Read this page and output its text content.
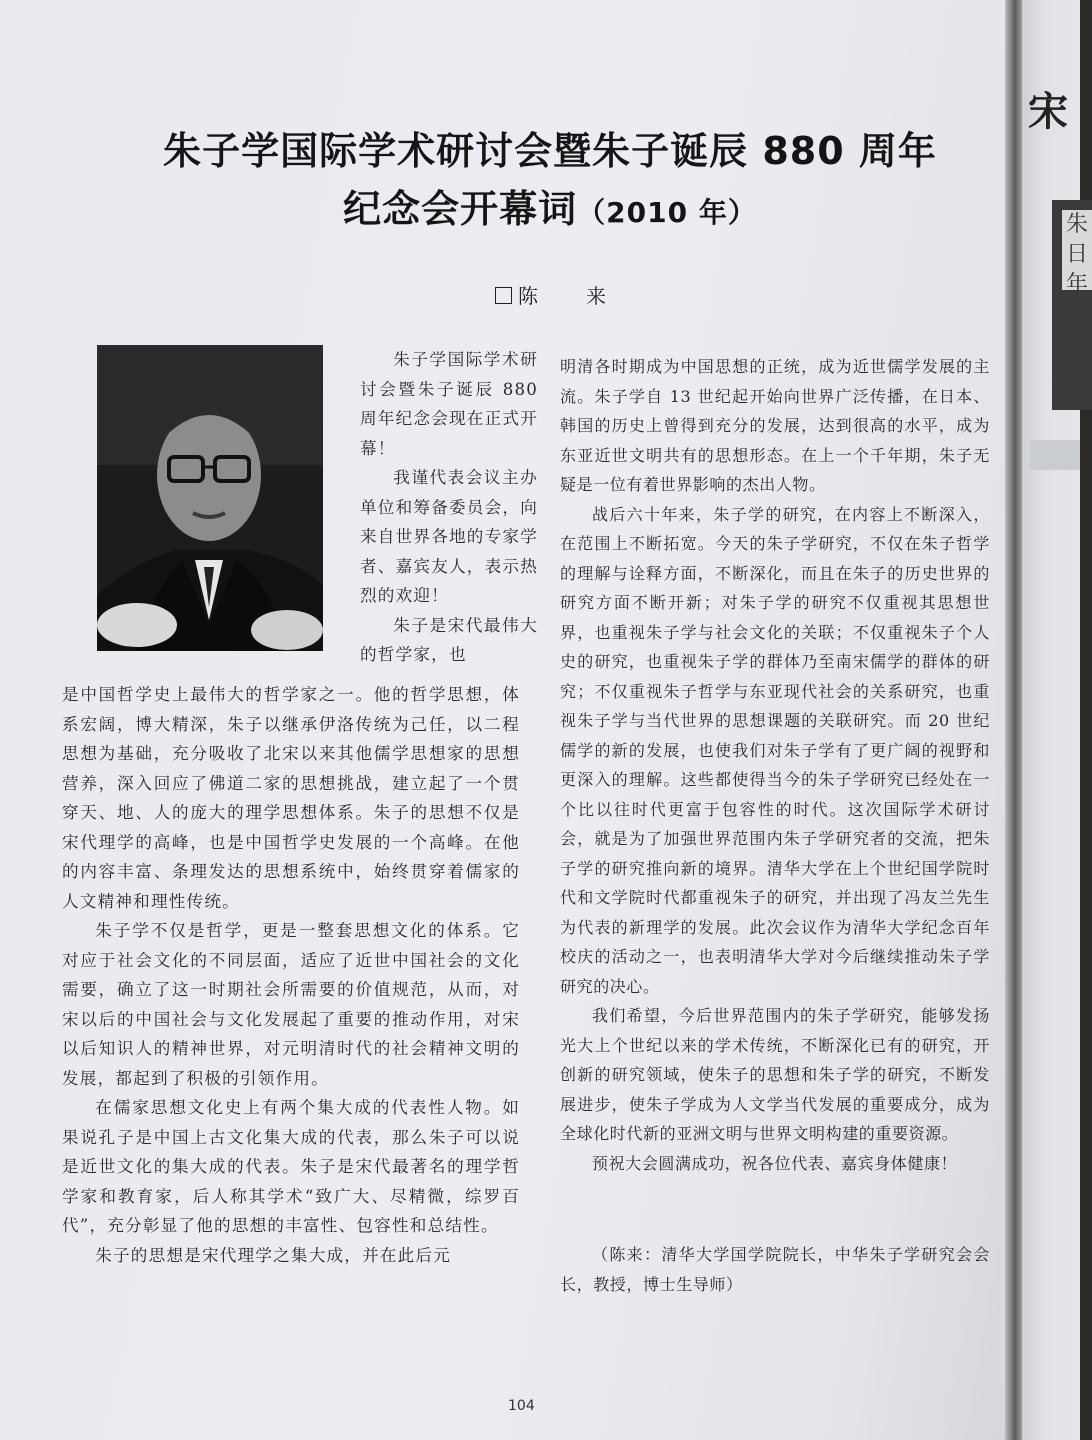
朱子学国际学术研讨会暨朱子诞辰 880 周年
纪念会开幕词（2010 年）
陈　来

朱子学国际学术研讨会暨朱子诞辰 880 周年纪念会现在正式开幕！

我谨代表会议主办单位和筹备委员会，向来自世界各地的专家学者、嘉宾友人，表示热烈的欢迎！

朱子是宋代最伟大的哲学家，也

是中国哲学史上最伟大的哲学家之一。他的哲学思想，体系宏阔，博大精深，朱子以继承伊洛传统为己任，以二程思想为基础，充分吸收了北宋以来其他儒学思想家的思想营养，深入回应了佛道二家的思想挑战，建立起了一个贯穿天、地、人的庞大的理学思想体系。朱子的思想不仅是宋代理学的高峰，也是中国哲学史发展的一个高峰。在他的内容丰富、条理发达的思想系统中，始终贯穿着儒家的人文精神和理性传统。

朱子学不仅是哲学，更是一整套思想文化的体系。它对应于社会文化的不同层面，适应了近世中国社会的文化需要，确立了这一时期社会所需要的价值规范，从而，对宋以后的中国社会与文化发展起了重要的推动作用，对宋以后知识人的精神世界，对元明清时代的社会精神文明的发展，都起到了积极的引领作用。

在儒家思想文化史上有两个集大成的代表性人物。如果说孔子是中国上古文化集大成的代表，那么朱子可以说是近世文化的集大成的代表。朱子是宋代最著名的理学哲学家和教育家，后人称其学术“致广大、尽精微，综罗百代”，充分彰显了他的思想的丰富性、包容性和总结性。

朱子的思想是宋代理学之集大成，并在此后元

明清各时期成为中国思想的正统，成为近世儒学发展的主流。朱子学自 13 世纪起开始向世界广泛传播，在日本、韩国的历史上曾得到充分的发展，达到很高的水平，成为东亚近世文明共有的思想形态。在上一个千年期，朱子无疑是一位有着世界影响的杰出人物。

战后六十年来，朱子学的研究，在内容上不断深入，在范围上不断拓宽。今天的朱子学研究，不仅在朱子哲学的理解与诠释方面，不断深化，而且在朱子的历史世界的研究方面不断开新；对朱子学的研究不仅重视其思想世界，也重视朱子学与社会文化的关联；不仅重视朱子个人史的研究，也重视朱子学的群体乃至南宋儒学的群体的研究；不仅重视朱子哲学与东亚现代社会的关系研究，也重视朱子学与当代世界的思想课题的关联研究。而 20 世纪儒学的新的发展，也使我们对朱子学有了更广阔的视野和更深入的理解。这些都使得当今的朱子学研究已经处在一个比以往时代更富于包容性的时代。这次国际学术研讨会，就是为了加强世界范围内朱子学研究者的交流，把朱子学的研究推向新的境界。清华大学在上个世纪国学院时代和文学院时代都重视朱子的研究，并出现了冯友兰先生为代表的新理学的发展。此次会议作为清华大学纪念百年校庆的活动之一，也表明清华大学对今后继续推动朱子学研究的决心。

我们希望，今后世界范围内的朱子学研究，能够发扬光大上个世纪以来的学术传统，不断深化已有的研究，开创新的研究领域，使朱子的思想和朱子学的研究，不断发展进步，使朱子学成为人文学当代发展的重要成分，成为全球化时代新的亚洲文明与世界文明构建的重要资源。

预祝大会圆满成功，祝各位代表、嘉宾身体健康！

（陈来：清华大学国学院院长，中华朱子学研究会会长，教授，博士生导师）

104
宋
朱日年
